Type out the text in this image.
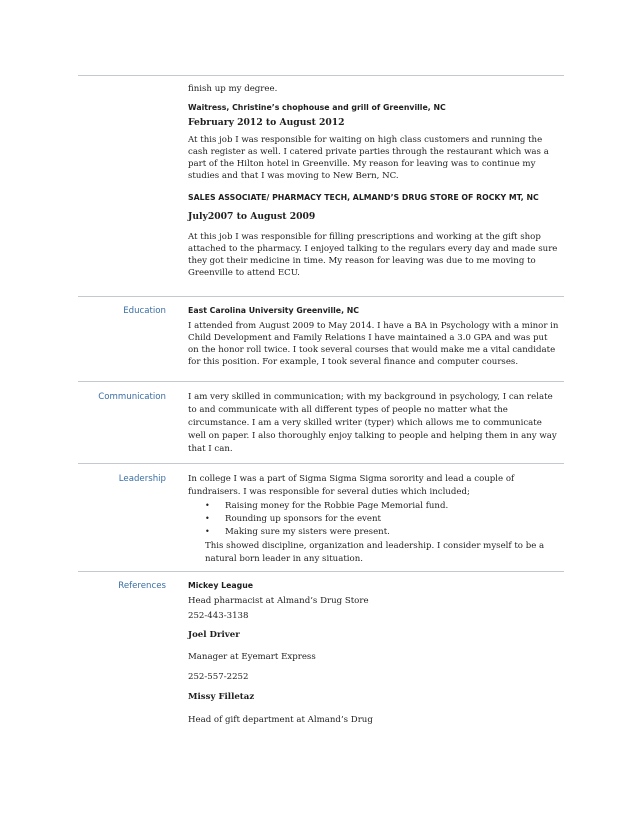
finish up my degree.
Waitress, Christine’s chophouse and grill of Greenville, NC
February 2012 to August 2012
At this job I was responsible for waiting on high class customers and running the
cash register as well. I catered private parties through the restaurant which was a
part of the Hilton hotel in Greenville. My reason for leaving was to continue my
studies and that I was moving to New Bern, NC.
SALES ASSOCIATE/ PHARMACY TECH, ALMAND’S DRUG STORE OF ROCKY MT, NC
July2007 to August 2009
At this job I was responsible for filling prescriptions and working at the gift shop
attached to the pharmacy. I enjoyed talking to the regulars every day and made sure
they got their medicine in time. My reason for leaving was due to me moving to
Greenville to attend ECU.
Education	East Carolina University Greenville, NC
I attended from August 2009 to May 2014. I have a BA in Psychology with a minor in
Child Development and Family Relations I have maintained a 3.0 GPA and was put
on the honor roll twice. I took several courses that would make me a vital candidate
for this position. For example, I took several finance and computer courses.
Communication	I am very skilled in communication; with my background in psychology, I can relate
to and communicate with all different types of people no matter what the
circumstance. I am a very skilled writer (typer) which allows me to communicate
well on paper. I also thoroughly enjoy talking to people and helping them in any way
that I can.
Leadership	In college I was a part of Sigma Sigma Sigma sorority and lead a couple of
fundraisers. I was responsible for several duties which included;
• Raising money for the Robbie Page Memorial fund.
• Rounding up sponsors for the event
• Making sure my sisters were present.
This showed discipline, organization and leadership. I consider myself to be a
natural born leader in any situation.
References	Mickey League
Head pharmacist at Almand’s Drug Store
252-443-3138
Joel Driver
Manager at Eyemart Express
252-557-2252
Missy Filletaz
Head of gift department at Almand’s Drug
